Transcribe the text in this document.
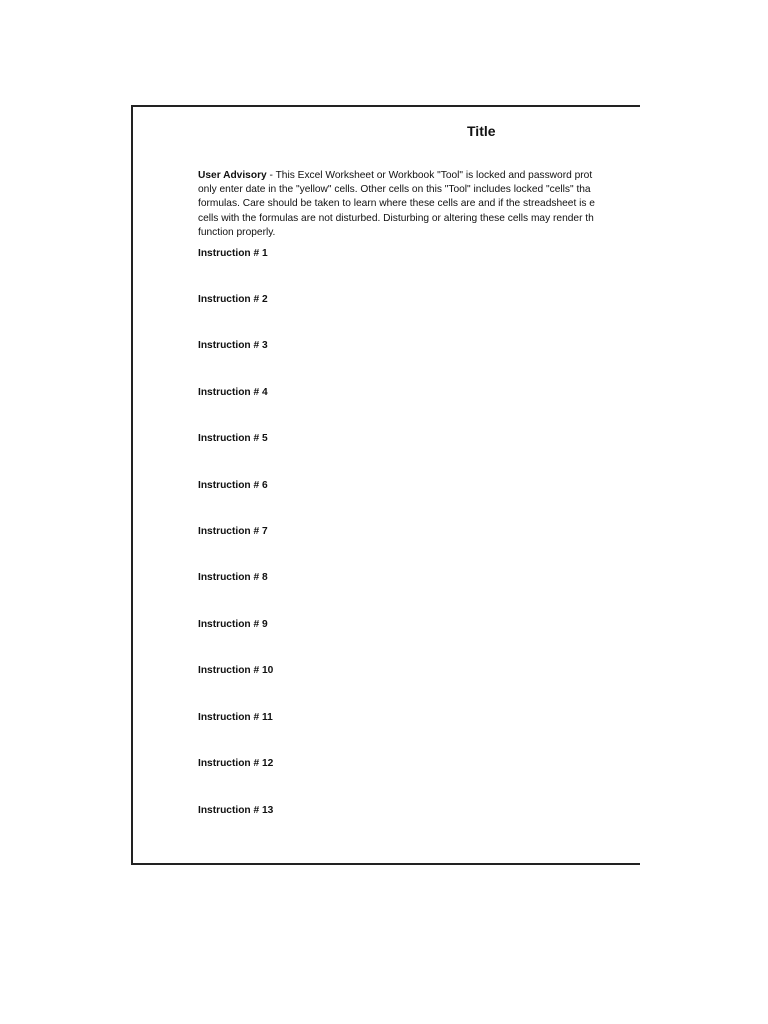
Title
User Advisory - This Excel Worksheet or Workbook "Tool" is locked and password prot
only enter date in the "yellow" cells. Other cells on this "Tool" includes locked "cells" tha
formulas. Care should be taken to learn where these cells are and if the streadsheet is e
cells with the formulas are not disturbed. Disturbing or altering these cells may render th
function properly.
Instruction # 1
Instruction # 2
Instruction # 3
Instruction # 4
Instruction # 5
Instruction # 6
Instruction # 7
Instruction # 8
Instruction # 9
Instruction # 10
Instruction # 11
Instruction # 12
Instruction # 13
